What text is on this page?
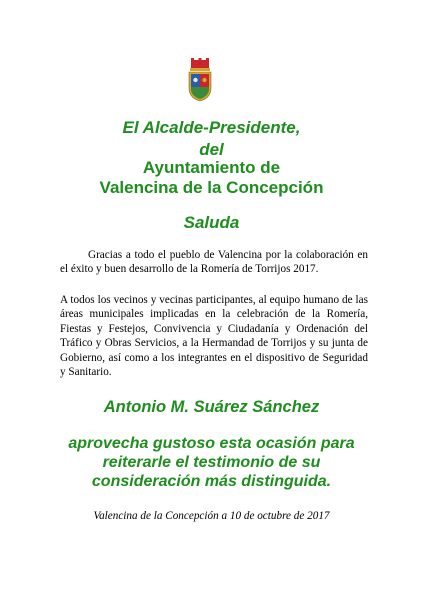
El Alcalde-Presidente,
del
Ayuntamiento de
Valencina de la Concepción
Saluda

Gracias a todo el pueblo de Valencina por la colaboración en el éxito y buen desarrollo de la Romería de Torrijos 2017.

A todos los vecinos y vecinas participantes, al equipo humano de las áreas municipales implicadas en la celebración de la Romería, Fiestas y Festejos, Convivencia y Ciudadanía y Ordenación del Tráfico y Obras Servicios, a la Hermandad de Torrijos y su junta de Gobierno, así como a los integrantes en el dispositivo de Seguridad y Sanitario.

Antonio M. Suárez Sánchez
aprovecha gustoso esta ocasión para
reiterarle el testimonio de su
consideración más distinguida.
Valencina de la Concepción a 10 de octubre de 2017
